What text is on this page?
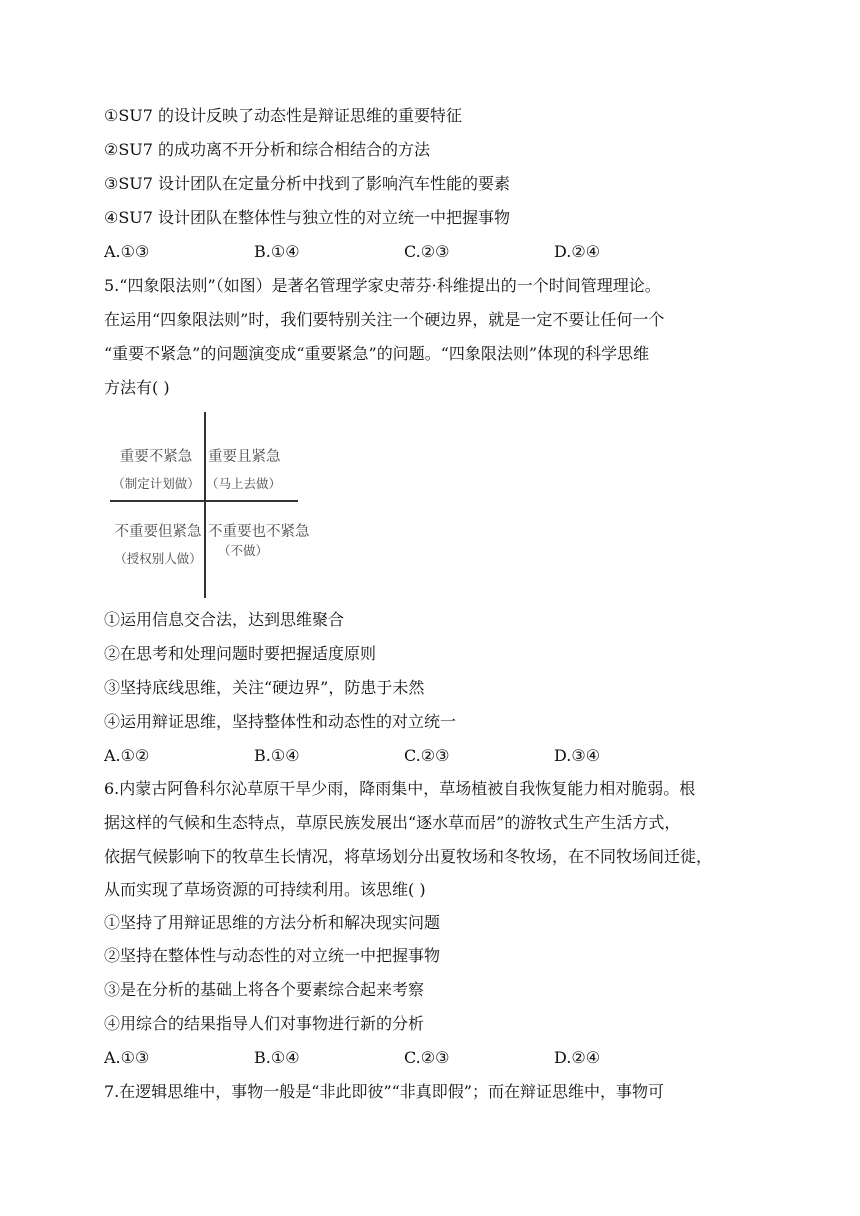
①SU7 的设计反映了动态性是辩证思维的重要特征
②SU7 的成功离不开分析和综合相结合的方法
③SU7 设计团队在定量分析中找到了影响汽车性能的要素
④SU7 设计团队在整体性与独立性的对立统一中把握事物
A.①③	B.①④	C.②③	D.②④
5.“四象限法则”（如图）是著名管理学家史蒂芬·科维提出的一个时间管理理论。
在运用“四象限法则”时，我们要特别关注一个硬边界，就是一定不要让任何一个
“重要不紧急”的问题演变成“重要紧急”的问题。“四象限法则”体现的科学思维
方法有( )
重要不紧急
（制定计划做）
重要且紧急
（马上去做）
不重要但紧急
（授权别人做）
不重要也不紧急
（不做）
①运用信息交合法，达到思维聚合
②在思考和处理问题时要把握适度原则
③坚持底线思维，关注“硬边界”，防患于未然
④运用辩证思维，坚持整体性和动态性的对立统一
A.①②	B.①④	C.②③	D.③④
6.内蒙古阿鲁科尔沁草原干旱少雨，降雨集中，草场植被自我恢复能力相对脆弱。根
据这样的气候和生态特点，草原民族发展出“逐水草而居”的游牧式生产生活方式，
依据气候影响下的牧草生长情况，将草场划分出夏牧场和冬牧场，在不同牧场间迁徙，
从而实现了草场资源的可持续利用。该思维( )
①坚持了用辩证思维的方法分析和解决现实问题
②坚持在整体性与动态性的对立统一中把握事物
③是在分析的基础上将各个要素综合起来考察
④用综合的结果指导人们对事物进行新的分析
A.①③	B.①④	C.②③	D.②④
7.在逻辑思维中，事物一般是“非此即彼”“非真即假”；而在辩证思维中，事物可
